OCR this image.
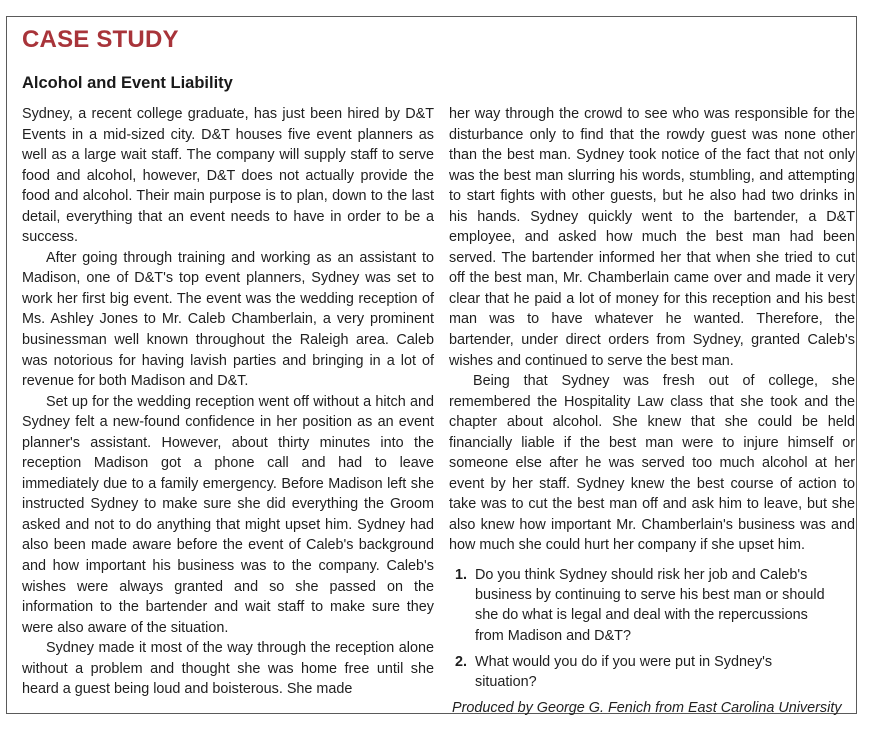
CASE STUDY
Alcohol and Event Liability

Sydney, a recent college graduate, has just been hired by D&T Events in a mid-sized city. D&T houses five event planners as well as a large wait staff. The company will supply staff to serve food and alcohol, however, D&T does not actually provide the food and alcohol. Their main purpose is to plan, down to the last detail, everything that an event needs to have in order to be a success.

After going through training and working as an assistant to Madison, one of D&T's top event planners, Sydney was set to work her first big event. The event was the wedding reception of Ms. Ashley Jones to Mr. Caleb Chamberlain, a very prominent businessman well known throughout the Raleigh area. Caleb was notorious for having lavish parties and bringing in a lot of revenue for both Madison and D&T.

Set up for the wedding reception went off without a hitch and Sydney felt a new-found confidence in her position as an event planner's assistant. However, about thirty minutes into the reception Madison got a phone call and had to leave immediately due to a family emergency. Before Madison left she instructed Sydney to make sure she did everything the Groom asked and not to do anything that might upset him. Sydney had also been made aware before the event of Caleb's background and how important his business was to the company. Caleb's wishes were always granted and so she passed on the information to the bartender and wait staff to make sure they were also aware of the situation.

Sydney made it most of the way through the reception alone without a problem and thought she was home free until she heard a guest being loud and boisterous. She made

her way through the crowd to see who was responsible for the disturbance only to find that the rowdy guest was none other than the best man. Sydney took notice of the fact that not only was the best man slurring his words, stumbling, and attempting to start fights with other guests, but he also had two drinks in his hands. Sydney quickly went to the bartender, a D&T employee, and asked how much the best man had been served. The bartender informed her that when she tried to cut off the best man, Mr. Chamberlain came over and made it very clear that he paid a lot of money for this reception and his best man was to have whatever he wanted. Therefore, the bartender, under direct orders from Sydney, granted Caleb's wishes and continued to serve the best man.

Being that Sydney was fresh out of college, she remembered the Hospitality Law class that she took and the chapter about alcohol. She knew that she could be held financially liable if the best man were to injure himself or someone else after he was served too much alcohol at her event by her staff. Sydney knew the best course of action to take was to cut the best man off and ask him to leave, but she also knew how important Mr. Chamberlain's business was and how much she could hurt her company if she upset him.

1. Do you think Sydney should risk her job and Caleb's business by continuing to serve his best man or should she do what is legal and deal with the repercussions from Madison and D&T?
2. What would you do if you were put in Sydney's situation?

Produced by George G. Fenich from East Carolina University
